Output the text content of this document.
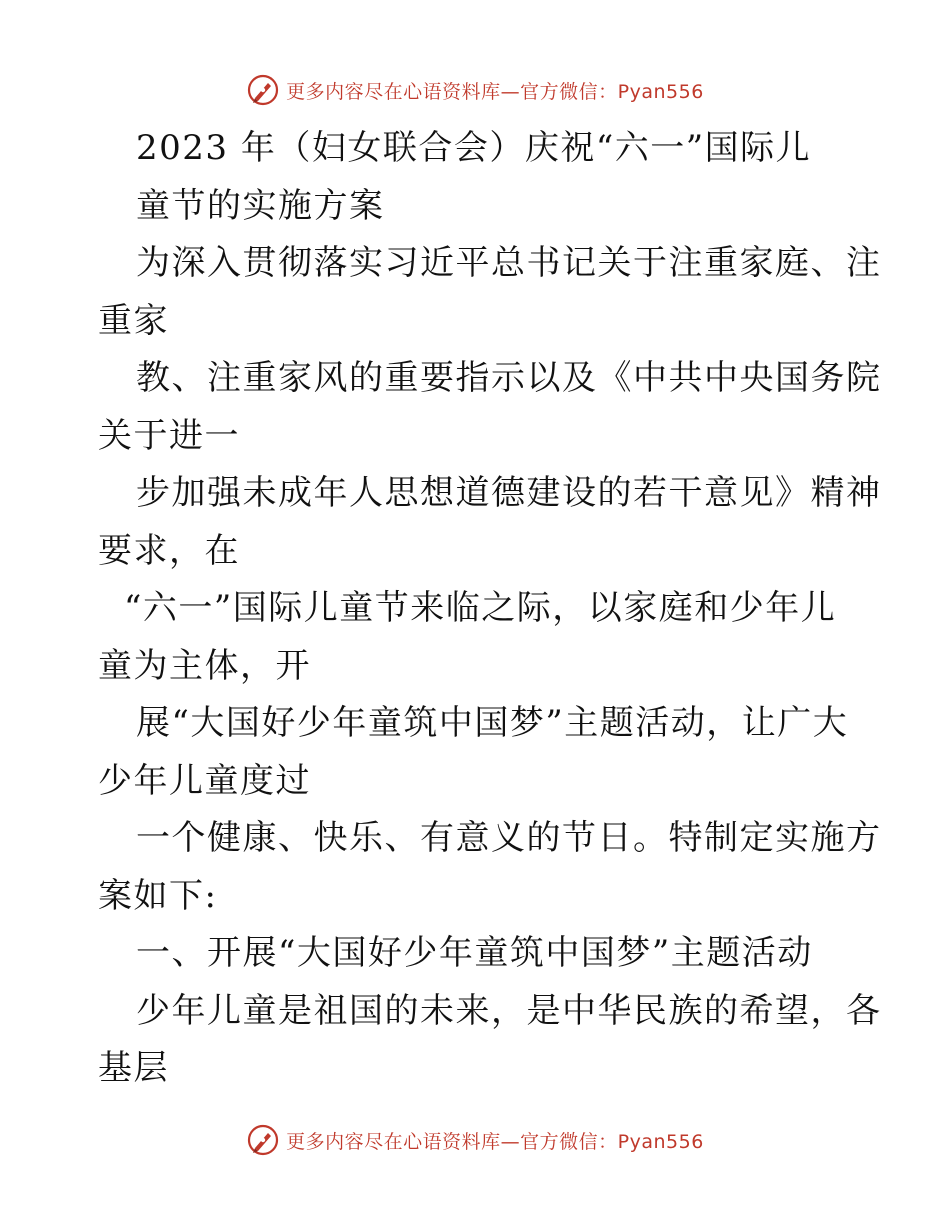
更多内容尽在心语资料库—官方微信：Pyan556
2023 年（妇女联合会）庆祝“六一”国际儿
童节的实施方案
为深入贯彻落实习近平总书记关于注重家庭、注
重家
教、注重家风的重要指示以及《中共中央国务院
关于进一
步加强未成年人思想道德建设的若干意见》精神
要求，在
“六一”国际儿童节来临之际，以家庭和少年儿
童为主体，开
展“大国好少年童筑中国梦”主题活动，让广大
少年儿童度过
一个健康、快乐、有意义的节日。特制定实施方
案如下:
一、开展“大国好少年童筑中国梦”主题活动
少年儿童是祖国的未来，是中华民族的希望，各
基层
更多内容尽在心语资料库—官方微信：Pyan556
